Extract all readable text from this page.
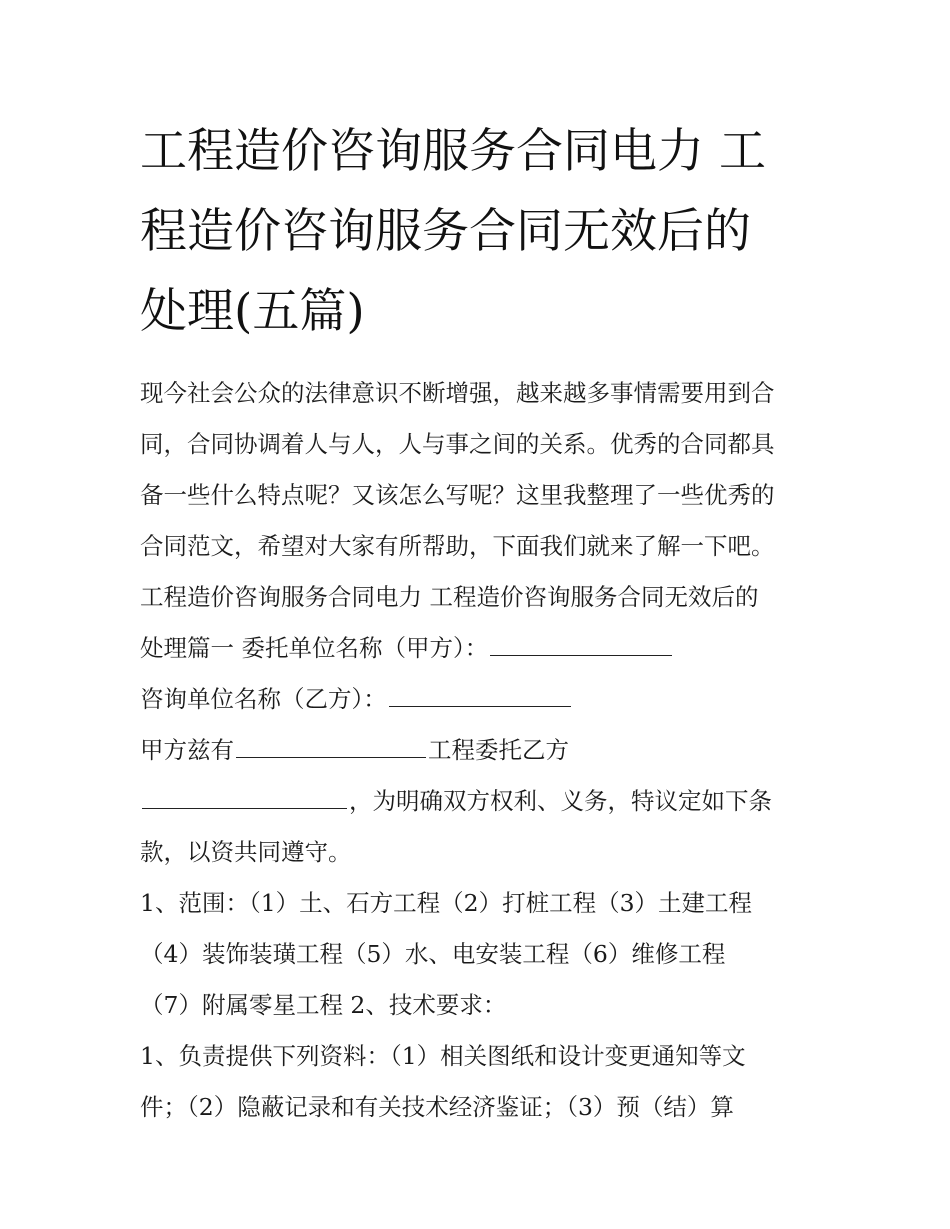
工程造价咨询服务合同电力 工
程造价咨询服务合同无效后的
处理(五篇)
现今社会公众的法律意识不断增强，越来越多事情需要用到合
同，合同协调着人与人，人与事之间的关系。优秀的合同都具
备一些什么特点呢？又该怎么写呢？这里我整理了一些优秀的
合同范文，希望对大家有所帮助，下面我们就来了解一下吧。
工程造价咨询服务合同电力 工程造价咨询服务合同无效后的
处理篇一 委托单位名称（甲方）：
咨询单位名称（乙方）：
甲方兹有	工程委托乙方
，为明确双方权利、义务，特议定如下条
款，以资共同遵守。
1、范围：（1）土、石方工程（2）打桩工程（3）土建工程
（4）装饰装璜工程（5）水、电安装工程（6）维修工程
（7）附属零星工程 2、技术要求：
1、负责提供下列资料：（1）相关图纸和设计变更通知等文
件；（2）隐蔽记录和有关技术经济鉴证；（3）预（结）算
